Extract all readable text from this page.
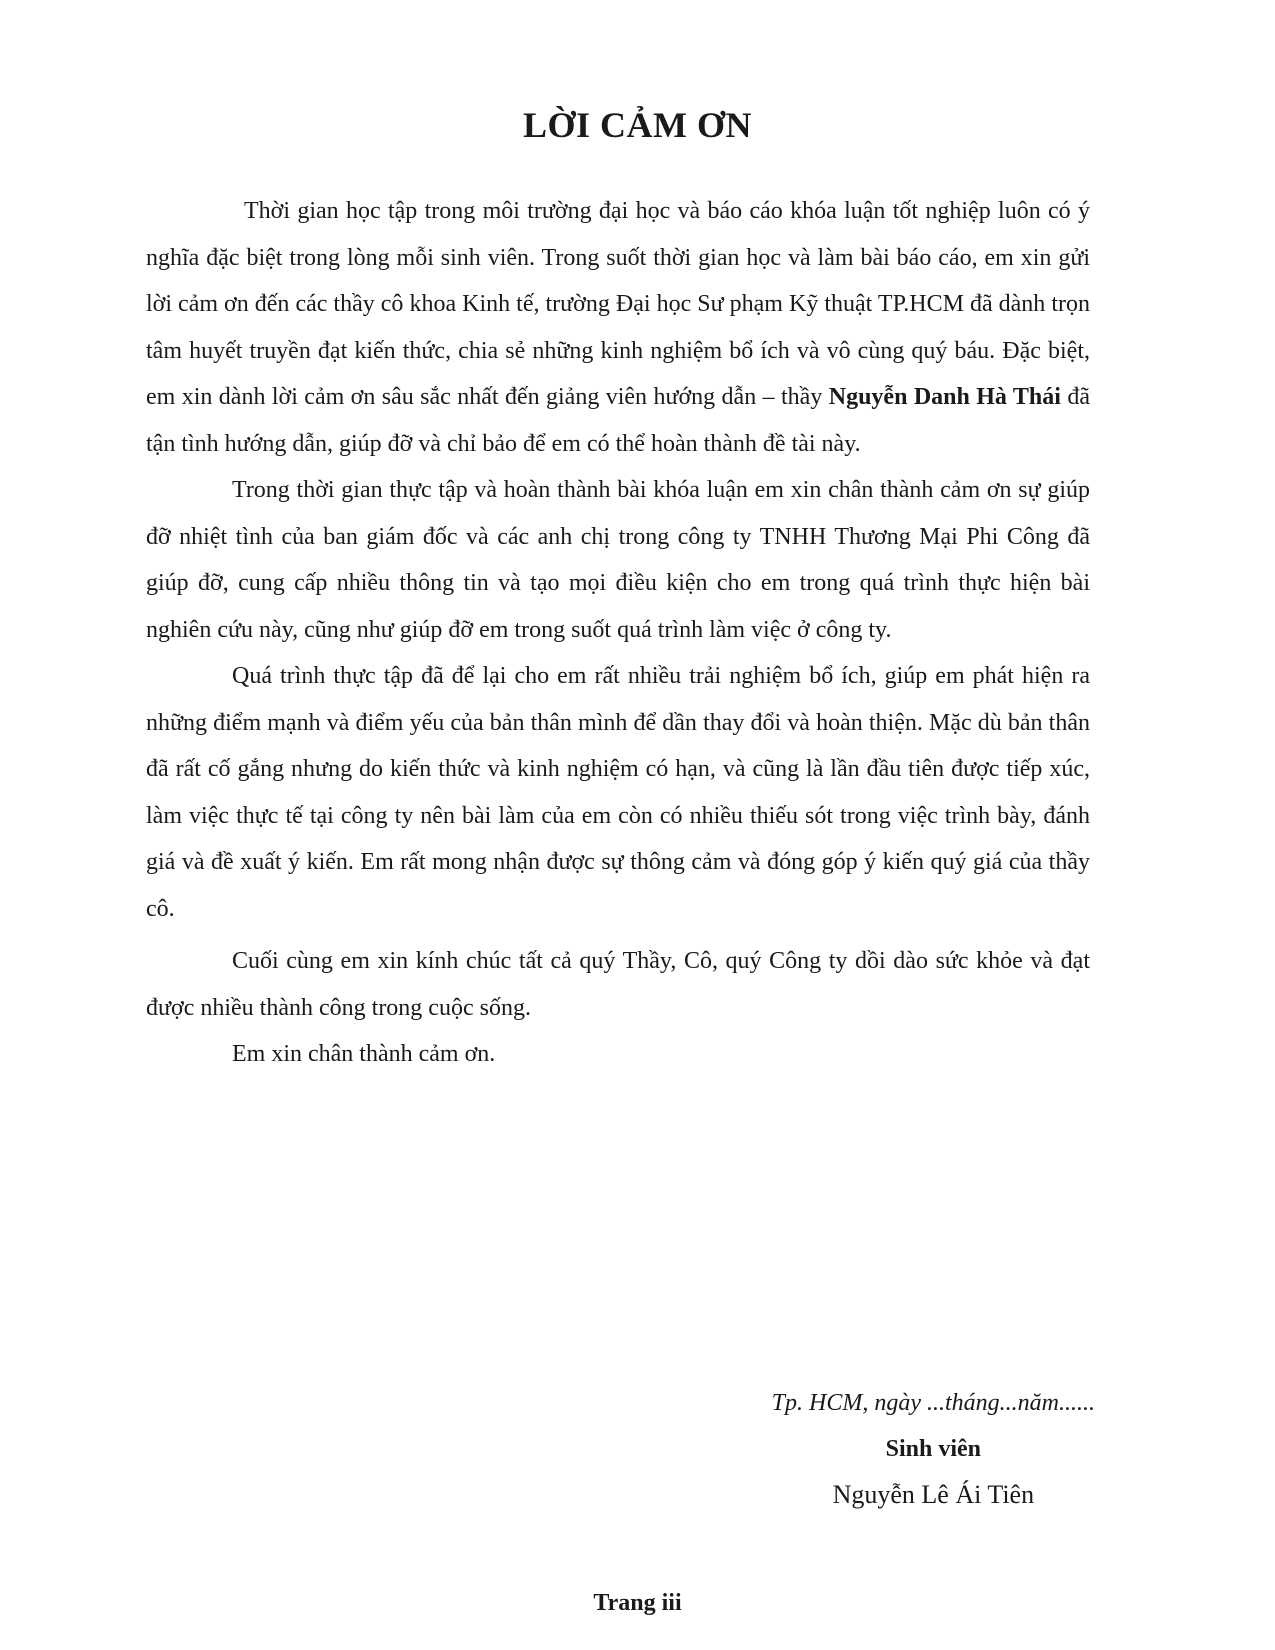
LỜI CẢM ƠN

Thời gian học tập trong môi trường đại học và báo cáo khóa luận tốt nghiệp luôn có ý nghĩa đặc biệt trong lòng mỗi sinh viên. Trong suốt thời gian học và làm bài báo cáo, em xin gửi lời cảm ơn đến các thầy cô khoa Kinh tế, trường Đại học Sư phạm Kỹ thuật TP.HCM đã dành trọn tâm huyết truyền đạt kiến thức, chia sẻ những kinh nghiệm bổ ích và vô cùng quý báu. Đặc biệt, em xin dành lời cảm ơn sâu sắc nhất đến giảng viên hướng dẫn – thầy Nguyễn Danh Hà Thái đã tận tình hướng dẫn, giúp đỡ và chỉ bảo để em có thể hoàn thành đề tài này.

Trong thời gian thực tập và hoàn thành bài khóa luận em xin chân thành cảm ơn sự giúp đỡ nhiệt tình của ban giám đốc và các anh chị trong công ty TNHH Thương Mại Phi Công đã giúp đỡ, cung cấp nhiều thông tin và tạo mọi điều kiện cho em trong quá trình thực hiện bài nghiên cứu này, cũng như giúp đỡ em trong suốt quá trình làm việc ở công ty.

Quá trình thực tập đã để lại cho em rất nhiều trải nghiệm bổ ích, giúp em phát hiện ra những điểm mạnh và điểm yếu của bản thân mình để dần thay đổi và hoàn thiện. Mặc dù bản thân đã rất cố gắng nhưng do kiến thức và kinh nghiệm có hạn, và cũng là lần đầu tiên được tiếp xúc, làm việc thực tế tại công ty nên bài làm của em còn có nhiều thiếu sót trong việc trình bày, đánh giá và đề xuất ý kiến. Em rất mong nhận được sự thông cảm và đóng góp ý kiến quý giá của thầy cô.

Cuối cùng em xin kính chúc tất cả quý Thầy, Cô, quý Công ty dồi dào sức khỏe và đạt được nhiều thành công trong cuộc sống.

Em xin chân thành cảm ơn.

Tp. HCM, ngày ...tháng...năm......
Sinh viên
Nguyễn Lê Ái Tiên
Trang iii
